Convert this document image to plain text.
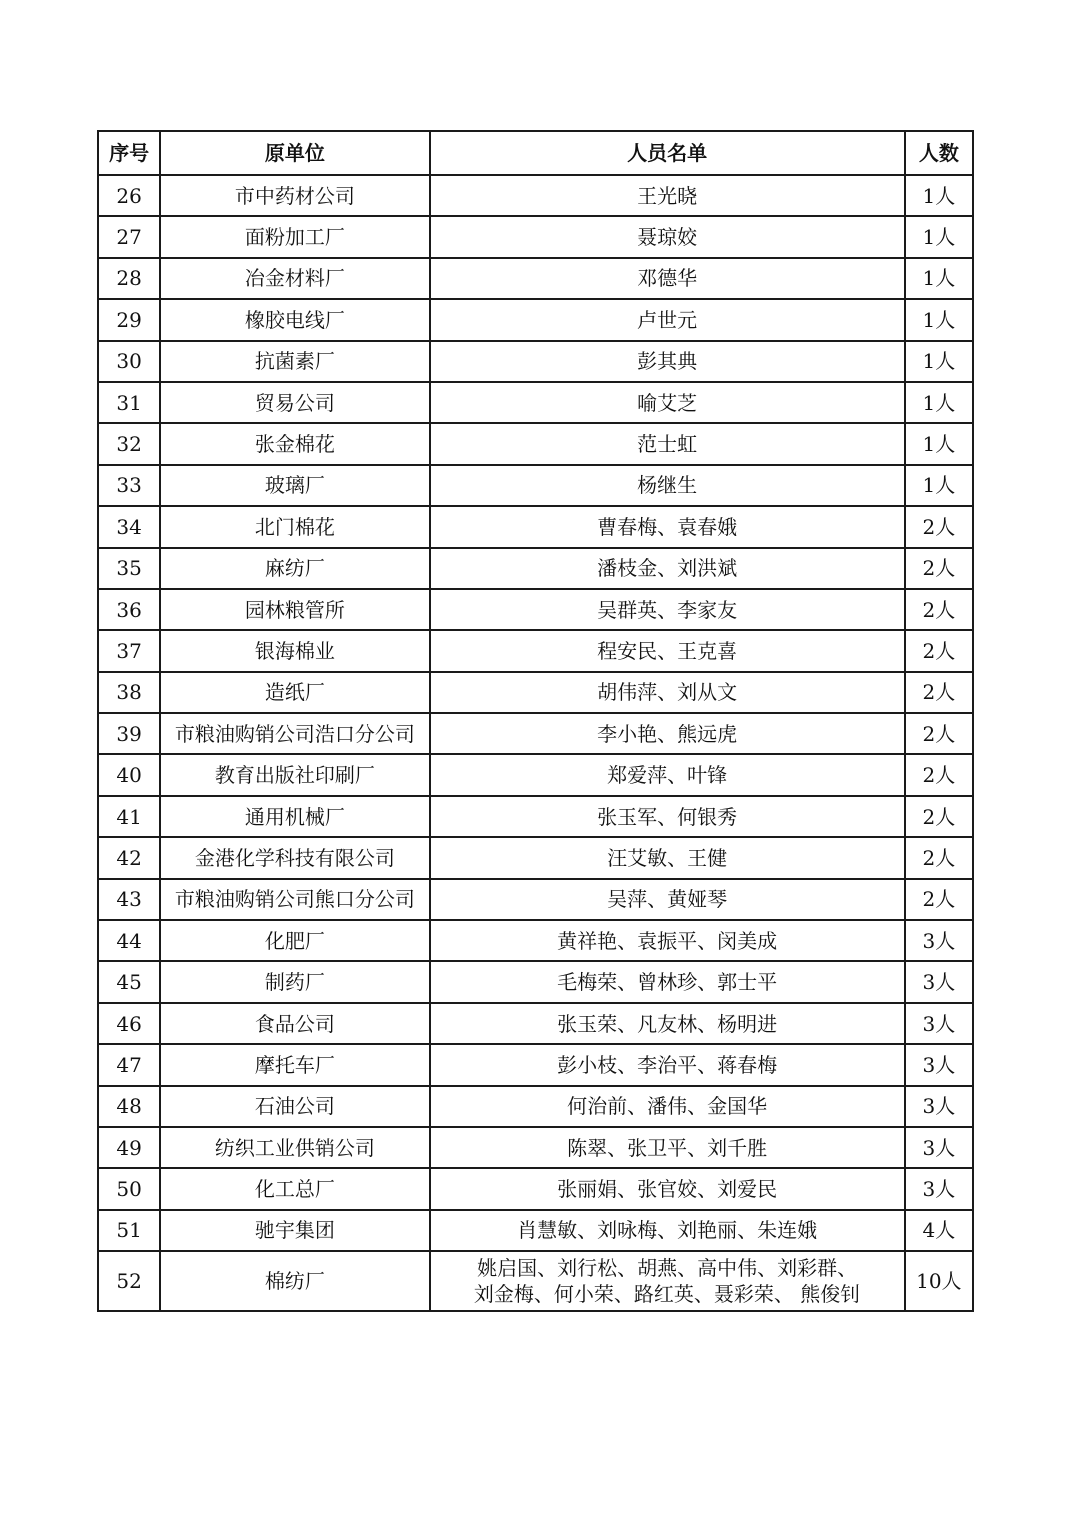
序号	原单位	人员名单	人数
26	市中药材公司	王光晓	1人
27	面粉加工厂	聂琼姣	1人
28	冶金材料厂	邓德华	1人
29	橡胶电线厂	卢世元	1人
30	抗菌素厂	彭其典	1人
31	贸易公司	喻艾芝	1人
32	张金棉花	范士虹	1人
33	玻璃厂	杨继生	1人
34	北门棉花	曹春梅、袁春娥	2人
35	麻纺厂	潘枝金、刘洪斌	2人
36	园林粮管所	吴群英、李家友	2人
37	银海棉业	程安民、王克喜	2人
38	造纸厂	胡伟萍、刘从文	2人
39	市粮油购销公司浩口分公司	李小艳、熊远虎	2人
40	教育出版社印刷厂	郑爱萍、叶锋	2人
41	通用机械厂	张玉军、何银秀	2人
42	金港化学科技有限公司	汪艾敏、王健	2人
43	市粮油购销公司熊口分公司	吴萍、黄娅琴	2人
44	化肥厂	黄祥艳、袁振平、闵美成	3人
45	制药厂	毛梅荣、曾林珍、郭士平	3人
46	食品公司	张玉荣、凡友林、杨明进	3人
47	摩托车厂	彭小枝、李治平、蒋春梅	3人
48	石油公司	何治前、潘伟、金国华	3人
49	纺织工业供销公司	陈翠、张卫平、刘千胜	3人
50	化工总厂	张丽娟、张官姣、刘爱民	3人
51	驰宇集团	肖慧敏、刘咏梅、刘艳丽、朱连娥	4人
52	棉纺厂	姚启国、刘行松、胡燕、高中伟、刘彩群、
刘金梅、何小荣、路红英、聂彩荣、 熊俊钊	10人
